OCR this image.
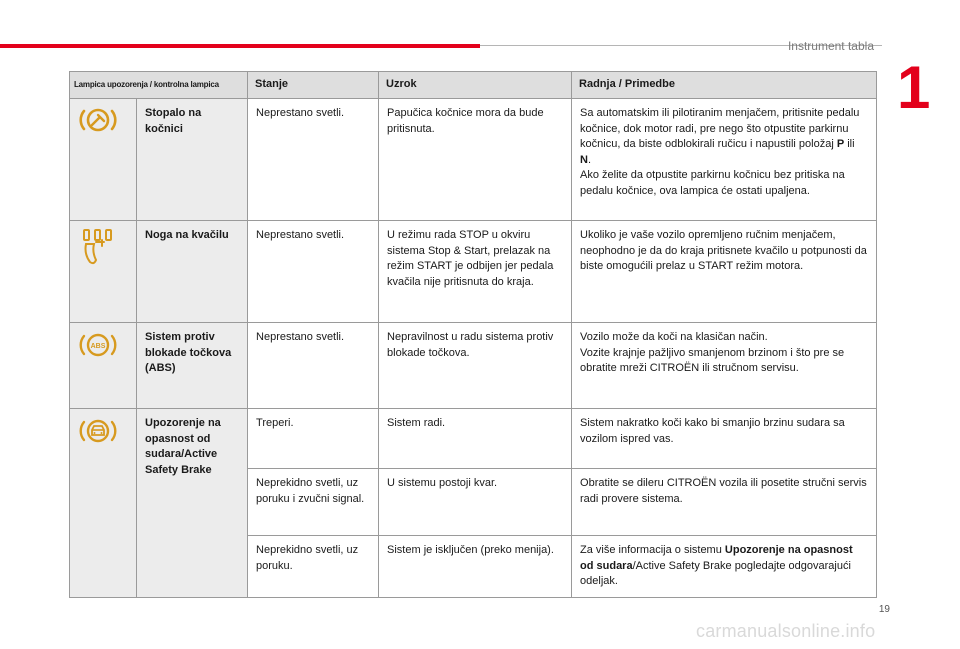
Instrument tabla
1
Lampica upozorenja / kontrolna lampica		Stanje	Uzrok	Radnja / Primedbe
	Stopalo na kočnici	Neprestano svetli.	Papučica kočnice mora da bude pritisnuta.	Sa automatskim ili pilotiranim menjačem, pritisnite pedalu kočnice, dok motor radi, pre nego što otpustite parkirnu kočnicu, da biste odblokirali ručicu i napustili položaj P ili N.
Ako želite da otpustite parkirnu kočnicu bez pritiska na pedalu kočnice, ova lampica će ostati upaljena.
	Noga na kvačilu	Neprestano svetli.	U režimu rada STOP u okviru sistema Stop & Start, prelazak na režim START je odbijen jer pedala kvačila nije pritisnuta do kraja.	Ukoliko je vaše vozilo opremljeno ručnim menjačem, neophodno je da do kraja pritisnete kvačilo u potpunosti da biste omogućili prelaz u START režim motora.

ABS	Sistem protiv blokade točkova (ABS)	Neprestano svetli.	Nepravilnost u radu sistema protiv blokade točkova.	Vozilo može da koči na klasičan način.
Vozite krajnje pažljivo smanjenom brzinom i što pre se obratite mreži CITROËN ili stručnom servisu.
	Upozorenje na opasnost od sudara/Active Safety Brake	Treperi.	Sistem radi.	Sistem nakratko koči kako bi smanjio brzinu sudara sa vozilom ispred vas.
		Neprekidno svetli, uz poruku i zvučni signal.	U sistemu postoji kvar.	Obratite se dileru CITROËN vozila ili posetite stručni servis radi provere sistema.
		Neprekidno svetli, uz poruku.	Sistem je isključen (preko menija).	Za više informacija o sistemu Upozorenje na opasnost od sudara/Active Safety Brake pogledajte odgovarajući odeljak.
19
carmanualsonline.info
